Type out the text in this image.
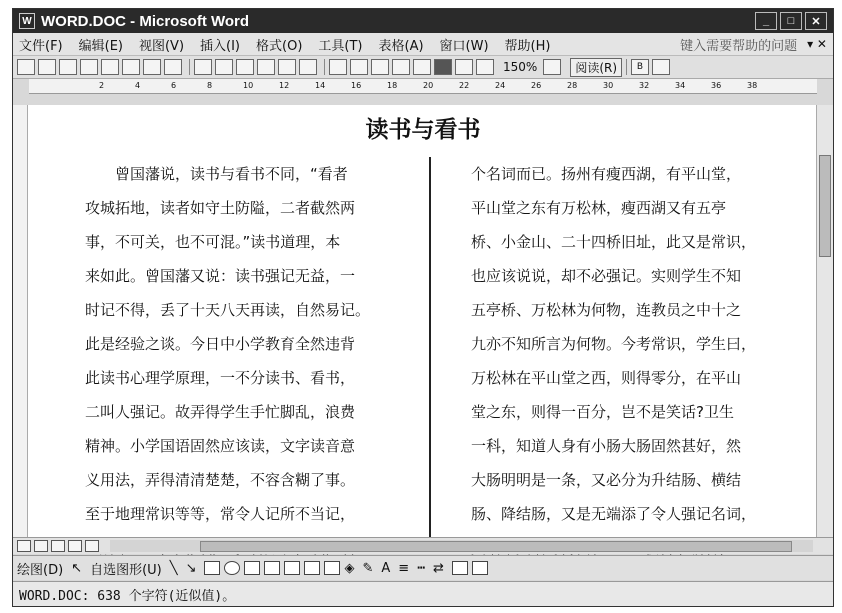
W WORD.DOC - Microsoft Word	_	□	✕
文件(F) 编辑(E) 视图(V) 插入(I) 格式(O) 工具(T) 表格(A) 窗口(W) 帮助(H)	键入需要帮助的问题 ▾ ✕
150%	阅读(R)	B
2	4	6	8	10	12	14	16	18	20	22	24	26	28	30	32	34	36	38
读书与看书
曾国藩说，读书与看书不同，“看者
攻城拓地，读者如守土防隘，二者截然两
事，不可关，也不可混。”读书道理，本
来如此。曾国藩又说：读书强记无益，一
时记不得，丢了十天八天再读，自然易记。
此是经验之谈。今日中小学教育全然违背
此读书心理学原理，一不分读书、看书，
二叫人强记。故弄得学生手忙脚乱，浪费
精神。小学国语固然应该读，文字读音意
义用法，弄得清清楚楚，不容含糊了事。
至于地理常识等等，常令人记所不当记，
个名词而已。扬州有瘦西湖，有平山堂，
平山堂之东有万松林，瘦西湖又有五亭
桥、小金山、二十四桥旧址，此又是常识，
也应该说说，却不必强记。实则学生不知
五亭桥、万松林为何物，连教员之中十之
九亦不知所言为何物。今考常识，学生曰，
万松林在平山堂之西，则得零分，在平山
堂之东，则得一百分，岂不是笑话?卫生
一科，知道人身有小肠大肠固然甚好，然
大肠明明是一条，又必分为升结肠、横结
肠、降结肠，又是无端添了令人强记名词，
绘图(D) ↖ 自选图形(U) ╲ ↘	◈ ✎ A ≡ ┅ ⇄
WORD.DOC: 638 个字符(近似值)。
